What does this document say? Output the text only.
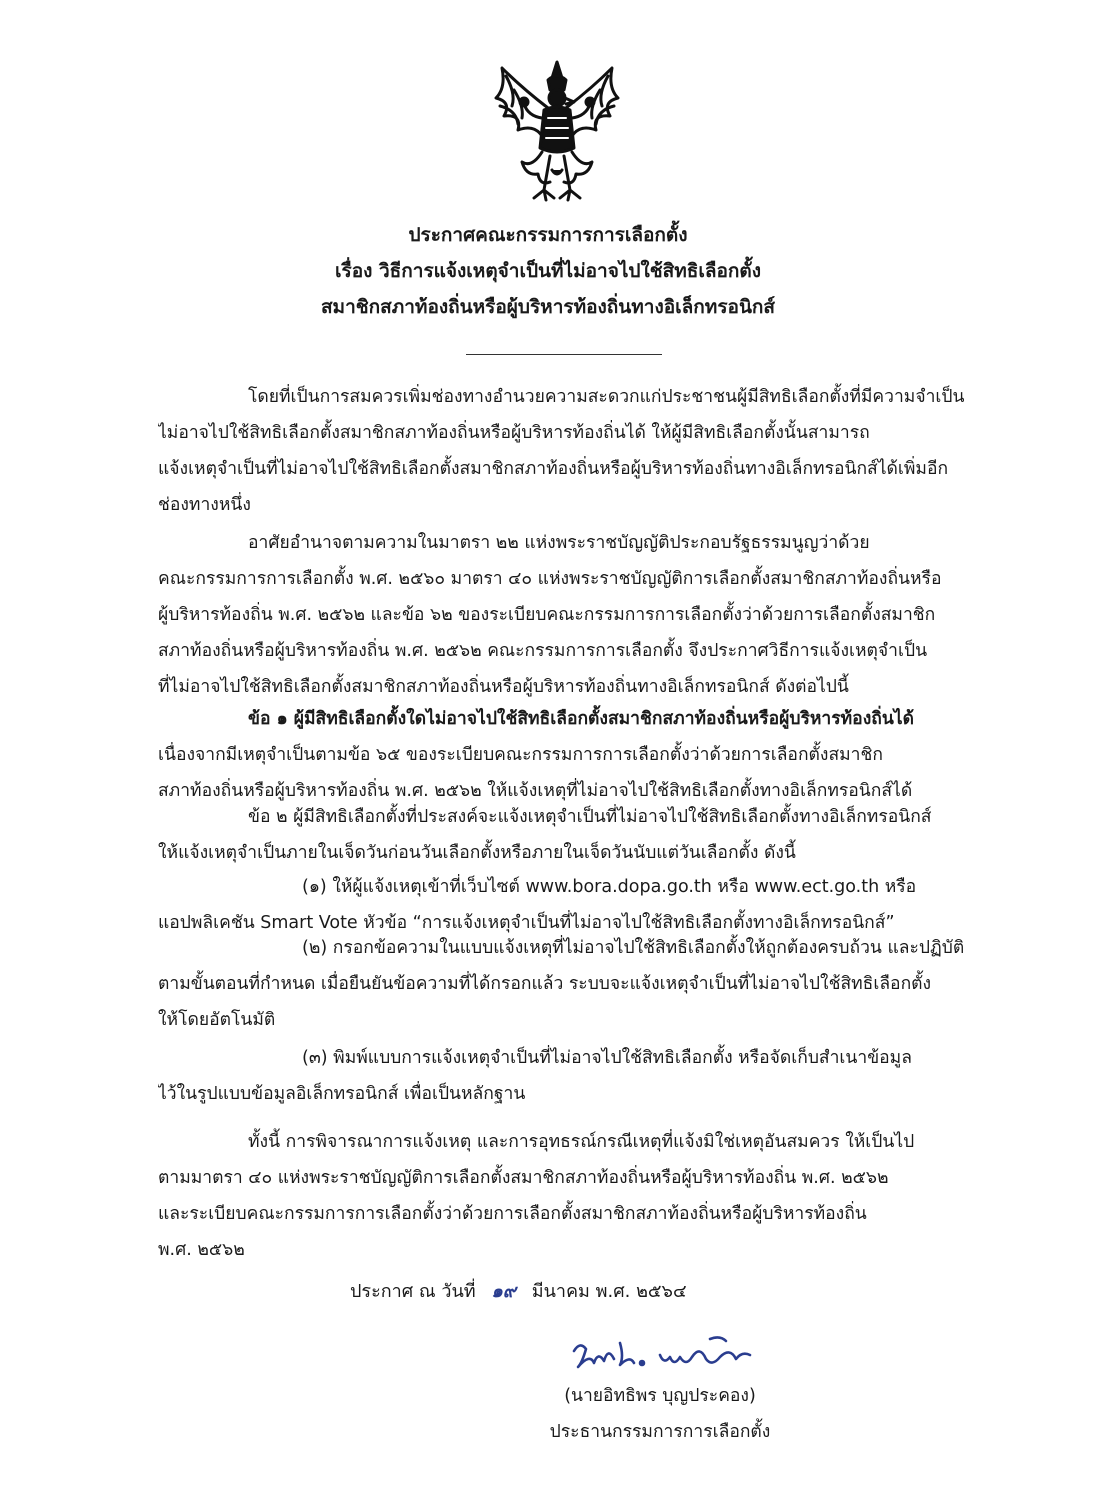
ประกาศคณะกรรมการการเลือกตั้ง
เรื่อง วิธีการแจ้งเหตุจำเป็นที่ไม่อาจไปใช้สิทธิเลือกตั้ง
สมาชิกสภาท้องถิ่นหรือผู้บริหารท้องถิ่นทางอิเล็กทรอนิกส์
โดยที่เป็นการสมควรเพิ่มช่องทางอำนวยความสะดวกแก่ประชาชนผู้มีสิทธิเลือกตั้งที่มีความจำเป็น
ไม่อาจไปใช้สิทธิเลือกตั้งสมาชิกสภาท้องถิ่นหรือผู้บริหารท้องถิ่นได้ ให้ผู้มีสิทธิเลือกตั้งนั้นสามารถ
แจ้งเหตุจำเป็นที่ไม่อาจไปใช้สิทธิเลือกตั้งสมาชิกสภาท้องถิ่นหรือผู้บริหารท้องถิ่นทางอิเล็กทรอนิกส์ได้เพิ่มอีก
ช่องทางหนึ่ง
อาศัยอำนาจตามความในมาตรา ๒๒ แห่งพระราชบัญญัติประกอบรัฐธรรมนูญว่าด้วย
คณะกรรมการการเลือกตั้ง พ.ศ. ๒๕๖๐ มาตรา ๔๐ แห่งพระราชบัญญัติการเลือกตั้งสมาชิกสภาท้องถิ่นหรือ
ผู้บริหารท้องถิ่น พ.ศ. ๒๕๖๒ และข้อ ๖๒ ของระเบียบคณะกรรมการการเลือกตั้งว่าด้วยการเลือกตั้งสมาชิก
สภาท้องถิ่นหรือผู้บริหารท้องถิ่น พ.ศ. ๒๕๖๒ คณะกรรมการการเลือกตั้ง จึงประกาศวิธีการแจ้งเหตุจำเป็น
ที่ไม่อาจไปใช้สิทธิเลือกตั้งสมาชิกสภาท้องถิ่นหรือผู้บริหารท้องถิ่นทางอิเล็กทรอนิกส์ ดังต่อไปนี้
ข้อ ๑ ผู้มีสิทธิเลือกตั้งใดไม่อาจไปใช้สิทธิเลือกตั้งสมาชิกสภาท้องถิ่นหรือผู้บริหารท้องถิ่นได้
เนื่องจากมีเหตุจำเป็นตามข้อ ๖๕ ของระเบียบคณะกรรมการการเลือกตั้งว่าด้วยการเลือกตั้งสมาชิก
สภาท้องถิ่นหรือผู้บริหารท้องถิ่น พ.ศ. ๒๕๖๒ ให้แจ้งเหตุที่ไม่อาจไปใช้สิทธิเลือกตั้งทางอิเล็กทรอนิกส์ได้
ข้อ ๒ ผู้มีสิทธิเลือกตั้งที่ประสงค์จะแจ้งเหตุจำเป็นที่ไม่อาจไปใช้สิทธิเลือกตั้งทางอิเล็กทรอนิกส์
ให้แจ้งเหตุจำเป็นภายในเจ็ดวันก่อนวันเลือกตั้งหรือภายในเจ็ดวันนับแต่วันเลือกตั้ง ดังนี้
(๑) ให้ผู้แจ้งเหตุเข้าที่เว็บไซต์ www.bora.dopa.go.th หรือ www.ect.go.th หรือ
แอปพลิเคชัน Smart Vote หัวข้อ “การแจ้งเหตุจำเป็นที่ไม่อาจไปใช้สิทธิเลือกตั้งทางอิเล็กทรอนิกส์”
(๒) กรอกข้อความในแบบแจ้งเหตุที่ไม่อาจไปใช้สิทธิเลือกตั้งให้ถูกต้องครบถ้วน และปฏิบัติ
ตามขั้นตอนที่กำหนด เมื่อยืนยันข้อความที่ได้กรอกแล้ว ระบบจะแจ้งเหตุจำเป็นที่ไม่อาจไปใช้สิทธิเลือกตั้ง
ให้โดยอัตโนมัติ
(๓) พิมพ์แบบการแจ้งเหตุจำเป็นที่ไม่อาจไปใช้สิทธิเลือกตั้ง หรือจัดเก็บสำเนาข้อมูล
ไว้ในรูปแบบข้อมูลอิเล็กทรอนิกส์ เพื่อเป็นหลักฐาน
ทั้งนี้ การพิจารณาการแจ้งเหตุ และการอุทธรณ์กรณีเหตุที่แจ้งมิใช่เหตุอันสมควร ให้เป็นไป
ตามมาตรา ๔๐ แห่งพระราชบัญญัติการเลือกตั้งสมาชิกสภาท้องถิ่นหรือผู้บริหารท้องถิ่น พ.ศ. ๒๕๖๒
และระเบียบคณะกรรมการการเลือกตั้งว่าด้วยการเลือกตั้งสมาชิกสภาท้องถิ่นหรือผู้บริหารท้องถิ่น
พ.ศ. ๒๕๖๒
ประกาศ ณ วันที่ ๑๙ มีนาคม พ.ศ. ๒๕๖๔
(นายอิทธิพร บุญประคอง)
ประธานกรรมการการเลือกตั้ง
